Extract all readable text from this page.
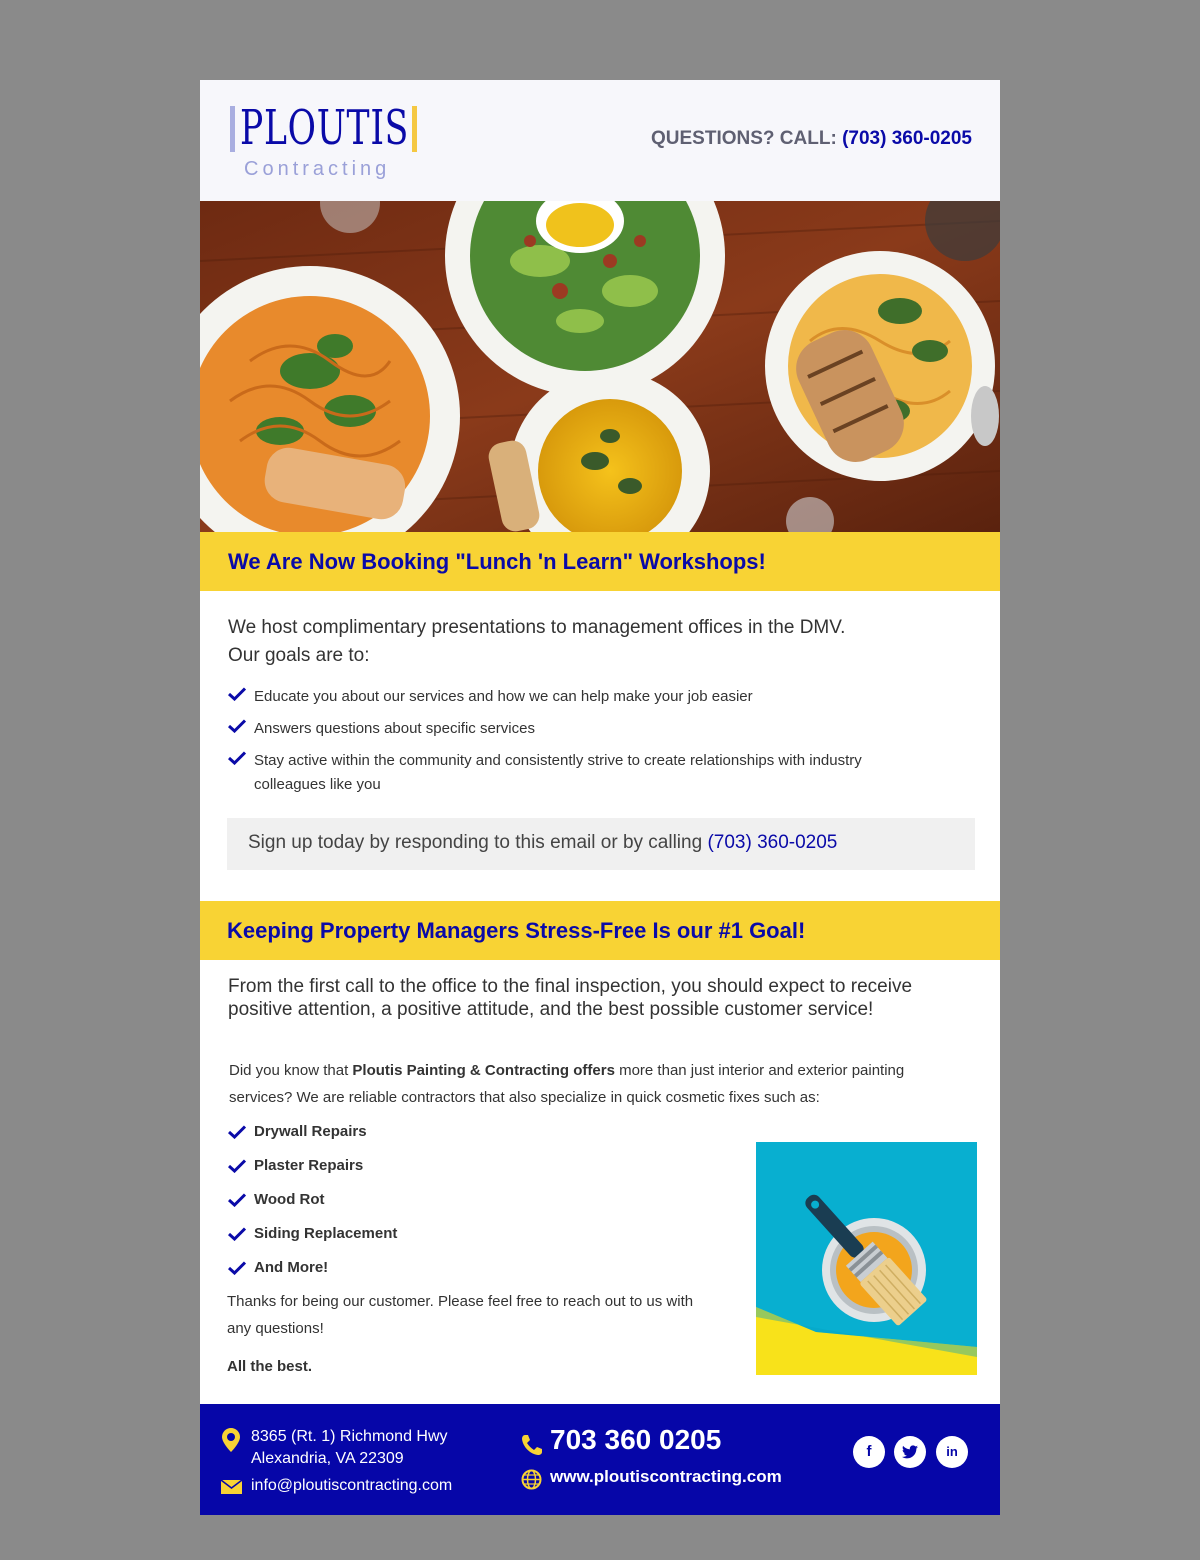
PLOUTIS
Contracting
QUESTIONS? CALL: (703) 360-0205
We Are Now Booking "Lunch 'n Learn" Workshops!

We host complimentary presentations to management offices in the DMV. Our goals are to:

Educate you about our services and how we can help make your job easier
Answers questions about specific services
Stay active within the community and consistently strive to create relationships with industry colleagues like you

Sign up today by responding to this email or by calling (703) 360-0205

Keeping Property Managers Stress-Free Is our #1 Goal!

From the first call to the office to the final inspection, you should expect to receive positive attention, a positive attitude, and the best possible customer service!

Did you know that Ploutis Painting & Contracting offers more than just interior and exterior painting services? We are reliable contractors that also specialize in quick cosmetic fixes such as:

Drywall Repairs
Plaster Repairs
Wood Rot
Siding Replacement
And More!

Thanks for being our customer. Please feel free to reach out to us with any questions!

All the best.

8365 (Rt. 1) Richmond Hwy
Alexandria, VA 22309
info@ploutiscontracting.com
703 360 0205
www.ploutiscontracting.com
f	in
